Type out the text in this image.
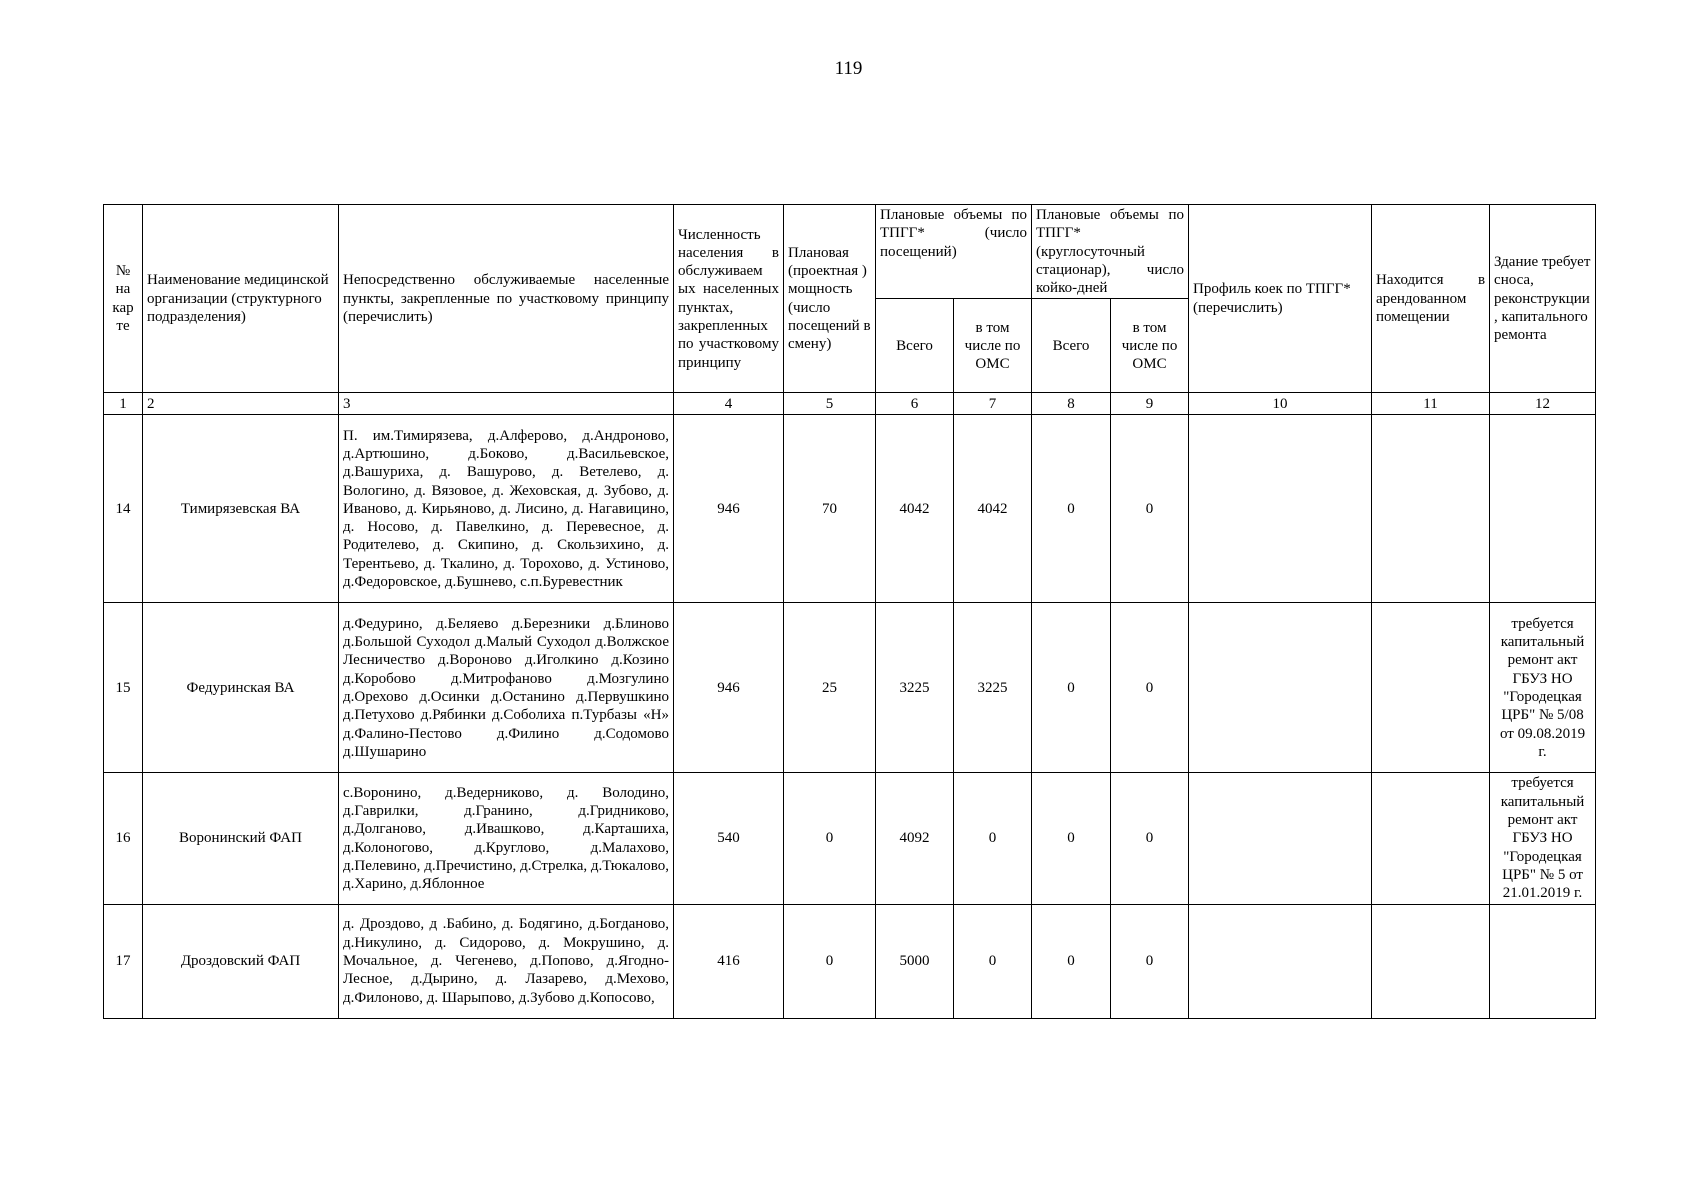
119
№ на кар те	Наименование медицинской организации (структурного подразделения)	Непосредственно обслуживаемые населенные пункты, закрепленные по участковому принципу (перечислить)	Численность населения в обслуживаем ых населенных пунктах, закрепленных по участковому принципу	Плановая (проектная ) мощность (число посещений в смену)	Плановые объемы по ТПГГ* (число посещений)		Плановые объемы по ТПГГ* (круглосуточный стационар), число койко-дней		Профиль коек по ТПГГ* (перечислить)	Находится в арендованном помещении	Здание требует сноса, реконструкции , капитального ремонта
					Всего	в том числе по ОМС	Всего	в том числе по ОМС			
1	2	3	4	5	6	7	8	9	10	11	12
14	Тимирязевская ВА	П. им.Тимирязева, д.Алферово, д.Андроново, д.Артюшино, д.Боково, д.Васильевское, д.Вашуриха, д. Вашурово, д. Ветелево, д. Вологино, д. Вязовое, д. Жеховская, д. Зубово, д. Иваново, д. Кирьяново, д. Лисино, д. Нагавицино, д. Носово, д. Павелкино, д. Перевесное, д. Родителево, д. Скипино, д. Скользихино, д. Терентьево, д. Ткалино, д. Торохово, д. Устиново, д.Федоровское, д.Бушнево, с.п.Буревестник	946	70	4042	4042	0	0			
15	Федуринская ВА	д.Федурино, д.Беляево д.Березники д.Блиново д.Большой Суходол д.Малый Суходол д.Волжское Лесничество д.Вороново д.Иголкино д.Козино д.Коробово д.Митрофаново д.Мозгулино д.Орехово д.Осинки д.Останино д.Первушкино д.Петухово д.Рябинки д.Соболиха п.Турбазы «Н» д.Фалино-Пестово д.Филино д.Содомово д.Шушарино	946	25	3225	3225	0	0			требуется капитальный ремонт акт ГБУЗ НО "Городецкая ЦРБ" № 5/08 от 09.08.2019 г.
16	Воронинский ФАП	с.Воронино, д.Ведерниково, д. Володино, д.Гаврилки, д.Гранино, д.Гридниково, д.Долганово, д.Ивашково, д.Карташиха, д.Колоногово, д.Круглово, д.Малахово, д.Пелевино, д.Пречистино, д.Стрелка, д.Тюкалово, д.Харино, д.Яблонное	540	0	4092	0	0	0			требуется капитальный ремонт акт ГБУЗ НО "Городецкая ЦРБ" № 5 от 21.01.2019 г.
17	Дроздовский ФАП	д. Дроздово, д .Бабино, д. Бодягино, д.Богданово, д.Никулино, д. Сидорово, д. Мокрушино, д. Мочальное, д. Чегенево, д.Попово, д.Ягодно-Лесное, д.Дырино, д. Лазарево, д.Мехово, д.Филоново, д. Шарыпово, д.Зубово д.Копосово,	416	0	5000	0	0	0			
